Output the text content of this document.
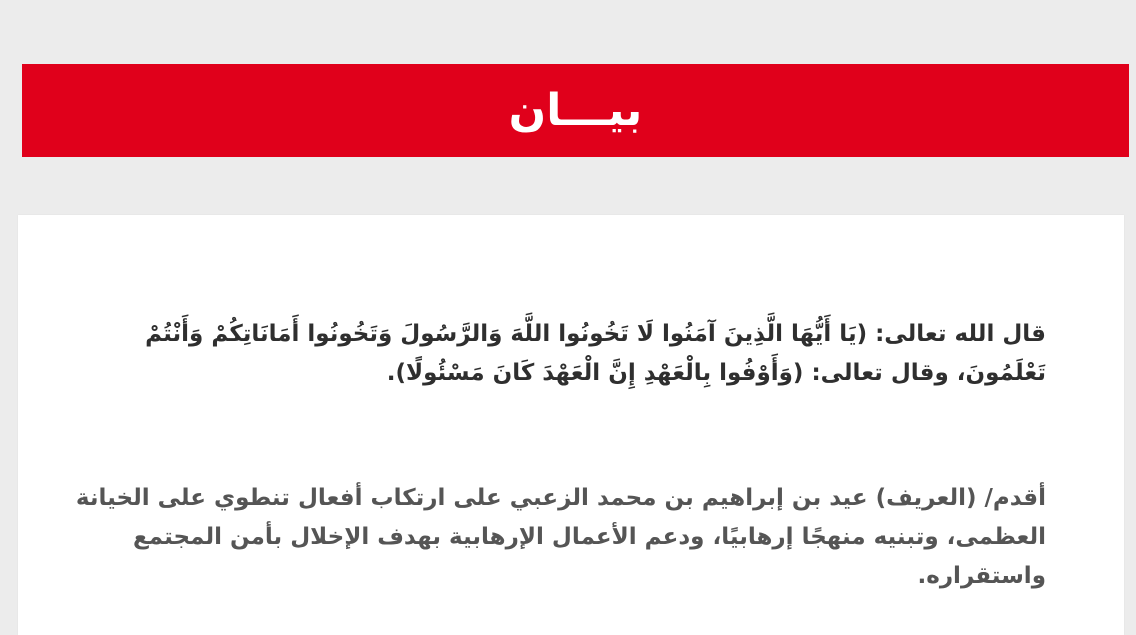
بيـــان

قال الله تعالى: (يَا أَيُّهَا الَّذِينَ آمَنُوا لَا تَخُونُوا اللَّهَ وَالرَّسُولَ وَتَخُونُوا أَمَانَاتِكُمْ وَأَنْتُمْ تَعْلَمُونَ، وقال تعالى: (وَأَوْفُوا بِالْعَهْدِ إِنَّ الْعَهْدَ كَانَ مَسْئُولًا).

أقدم/ (العريف) عيد بن إبراهيم بن محمد الزعبي على ارتكاب أفعال تنطوي على الخيانة العظمى، وتبنيه منهجًا إرهابيًا، ودعم الأعمال الإرهابية بهدف الإخلال بأمن المجتمع واستقراره.
